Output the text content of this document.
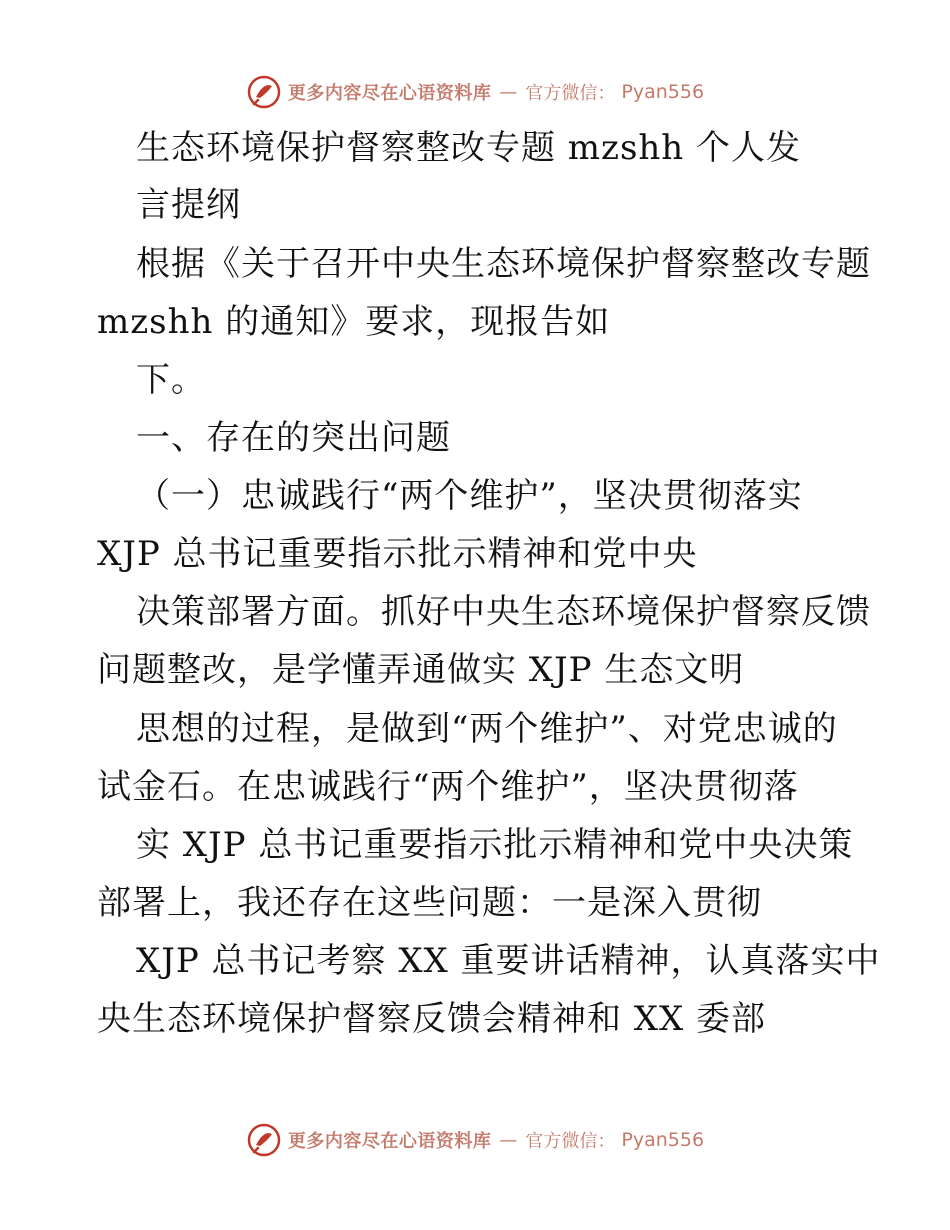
更多内容尽在心语资料库 — 官方微信： Pyan556
生态环境保护督察整改专题 mzshh 个人发
言提纲
根据《关于召开中央生态环境保护督察整改专题
mzshh 的通知》要求，现报告如
下。
一、存在的突出问题
（一）忠诚践行“两个维护”，坚决贯彻落实
XJP 总书记重要指示批示精神和党中央
决策部署方面。抓好中央生态环境保护督察反馈
问题整改，是学懂弄通做实 XJP 生态文明
思想的过程，是做到“两个维护”、对党忠诚的
试金石。在忠诚践行“两个维护”，坚决贯彻落
实 XJP 总书记重要指示批示精神和党中央决策
部署上，我还存在这些问题：一是深入贯彻
XJP 总书记考察 XX 重要讲话精神，认真落实中
央生态环境保护督察反馈会精神和 XX 委部
更多内容尽在心语资料库 — 官方微信： Pyan556
